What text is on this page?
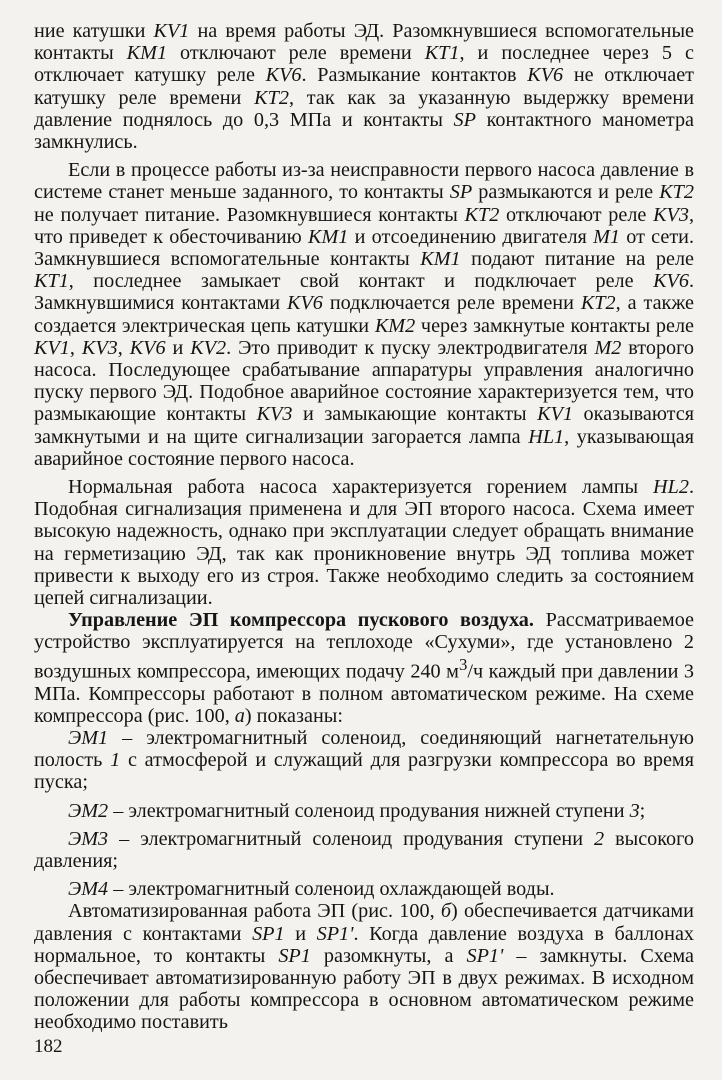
ние катушки KV1 на время работы ЭД. Разомкнувшиеся вспомогательные контакты KM1 отключают реле времени KT1, и последнее через 5 с отключает катушку реле KV6. Размыкание контактов KV6 не отключает катушку реле времени KT2, так как за указанную выдержку времени давление поднялось до 0,3 МПа и контакты SP контактного манометра замкнулись.

Если в процессе работы из-за неисправности первого насоса давление в системе станет меньше заданного, то контакты SP размыкаются и реле KT2 не получает питание. Разомкнувшиеся контакты KT2 отключают реле KV3, что приведет к обесточиванию KM1 и отсоединению двигателя M1 от сети. Замкнувшиеся вспомогательные контакты KM1 подают питание на реле KT1, последнее замыкает свой контакт и подключает реле KV6. Замкнувшимися контактами KV6 подключается реле времени KT2, а также создается электрическая цепь катушки KM2 через замкнутые контакты реле KV1, KV3, KV6 и KV2. Это приводит к пуску электродвигателя M2 второго насоса. Последующее срабатывание аппаратуры управления аналогично пуску первого ЭД. Подобное аварийное состояние характеризуется тем, что размыкающие контакты KV3 и замыкающие контакты KV1 оказываются замкнутыми и на щите сигнализации загорается лампа HL1, указывающая аварийное состояние первого насоса.

Нормальная работа насоса характеризуется горением лампы HL2. Подобная сигнализация применена и для ЭП второго насоса. Схема имеет высокую надежность, однако при эксплуатации следует обращать внимание на герметизацию ЭД, так как проникновение внутрь ЭД топлива может привести к выходу его из строя. Также необходимо следить за состоянием цепей сигнализации.

Управление ЭП компрессора пускового воздуха. Рассматриваемое устройство эксплуатируется на теплоходе «Сухуми», где установлено 2 воздушных компрессора, имеющих подачу 240 $м^3/ч$ каждый при давлении 3 МПа. Компрессоры работают в полном автоматическом режиме. На схеме компрессора (рис. 100, а) показаны:

ЭМ1 – электромагнитный соленоид, соединяющий нагнетательную полость 1 с атмосферой и служащий для разгрузки компрессора во время пуска;

ЭМ2 – электромагнитный соленоид продувания нижней ступени 3;

ЭМ3 – электромагнитный соленоид продувания ступени 2 высокого давления;

ЭМ4 – электромагнитный соленоид охлаждающей воды.

Автоматизированная работа ЭП (рис. 100, б) обеспечивается датчиками давления с контактами SP1 и SP1'. Когда давление воздуха в баллонах нормальное, то контакты SP1 разомкнуты, а SP1' – замкнуты. Схема обеспечивает автоматизированную работу ЭП в двух режимах. В исходном положении для работы компрессора в основном автоматическом режиме необходимо поставить

182
